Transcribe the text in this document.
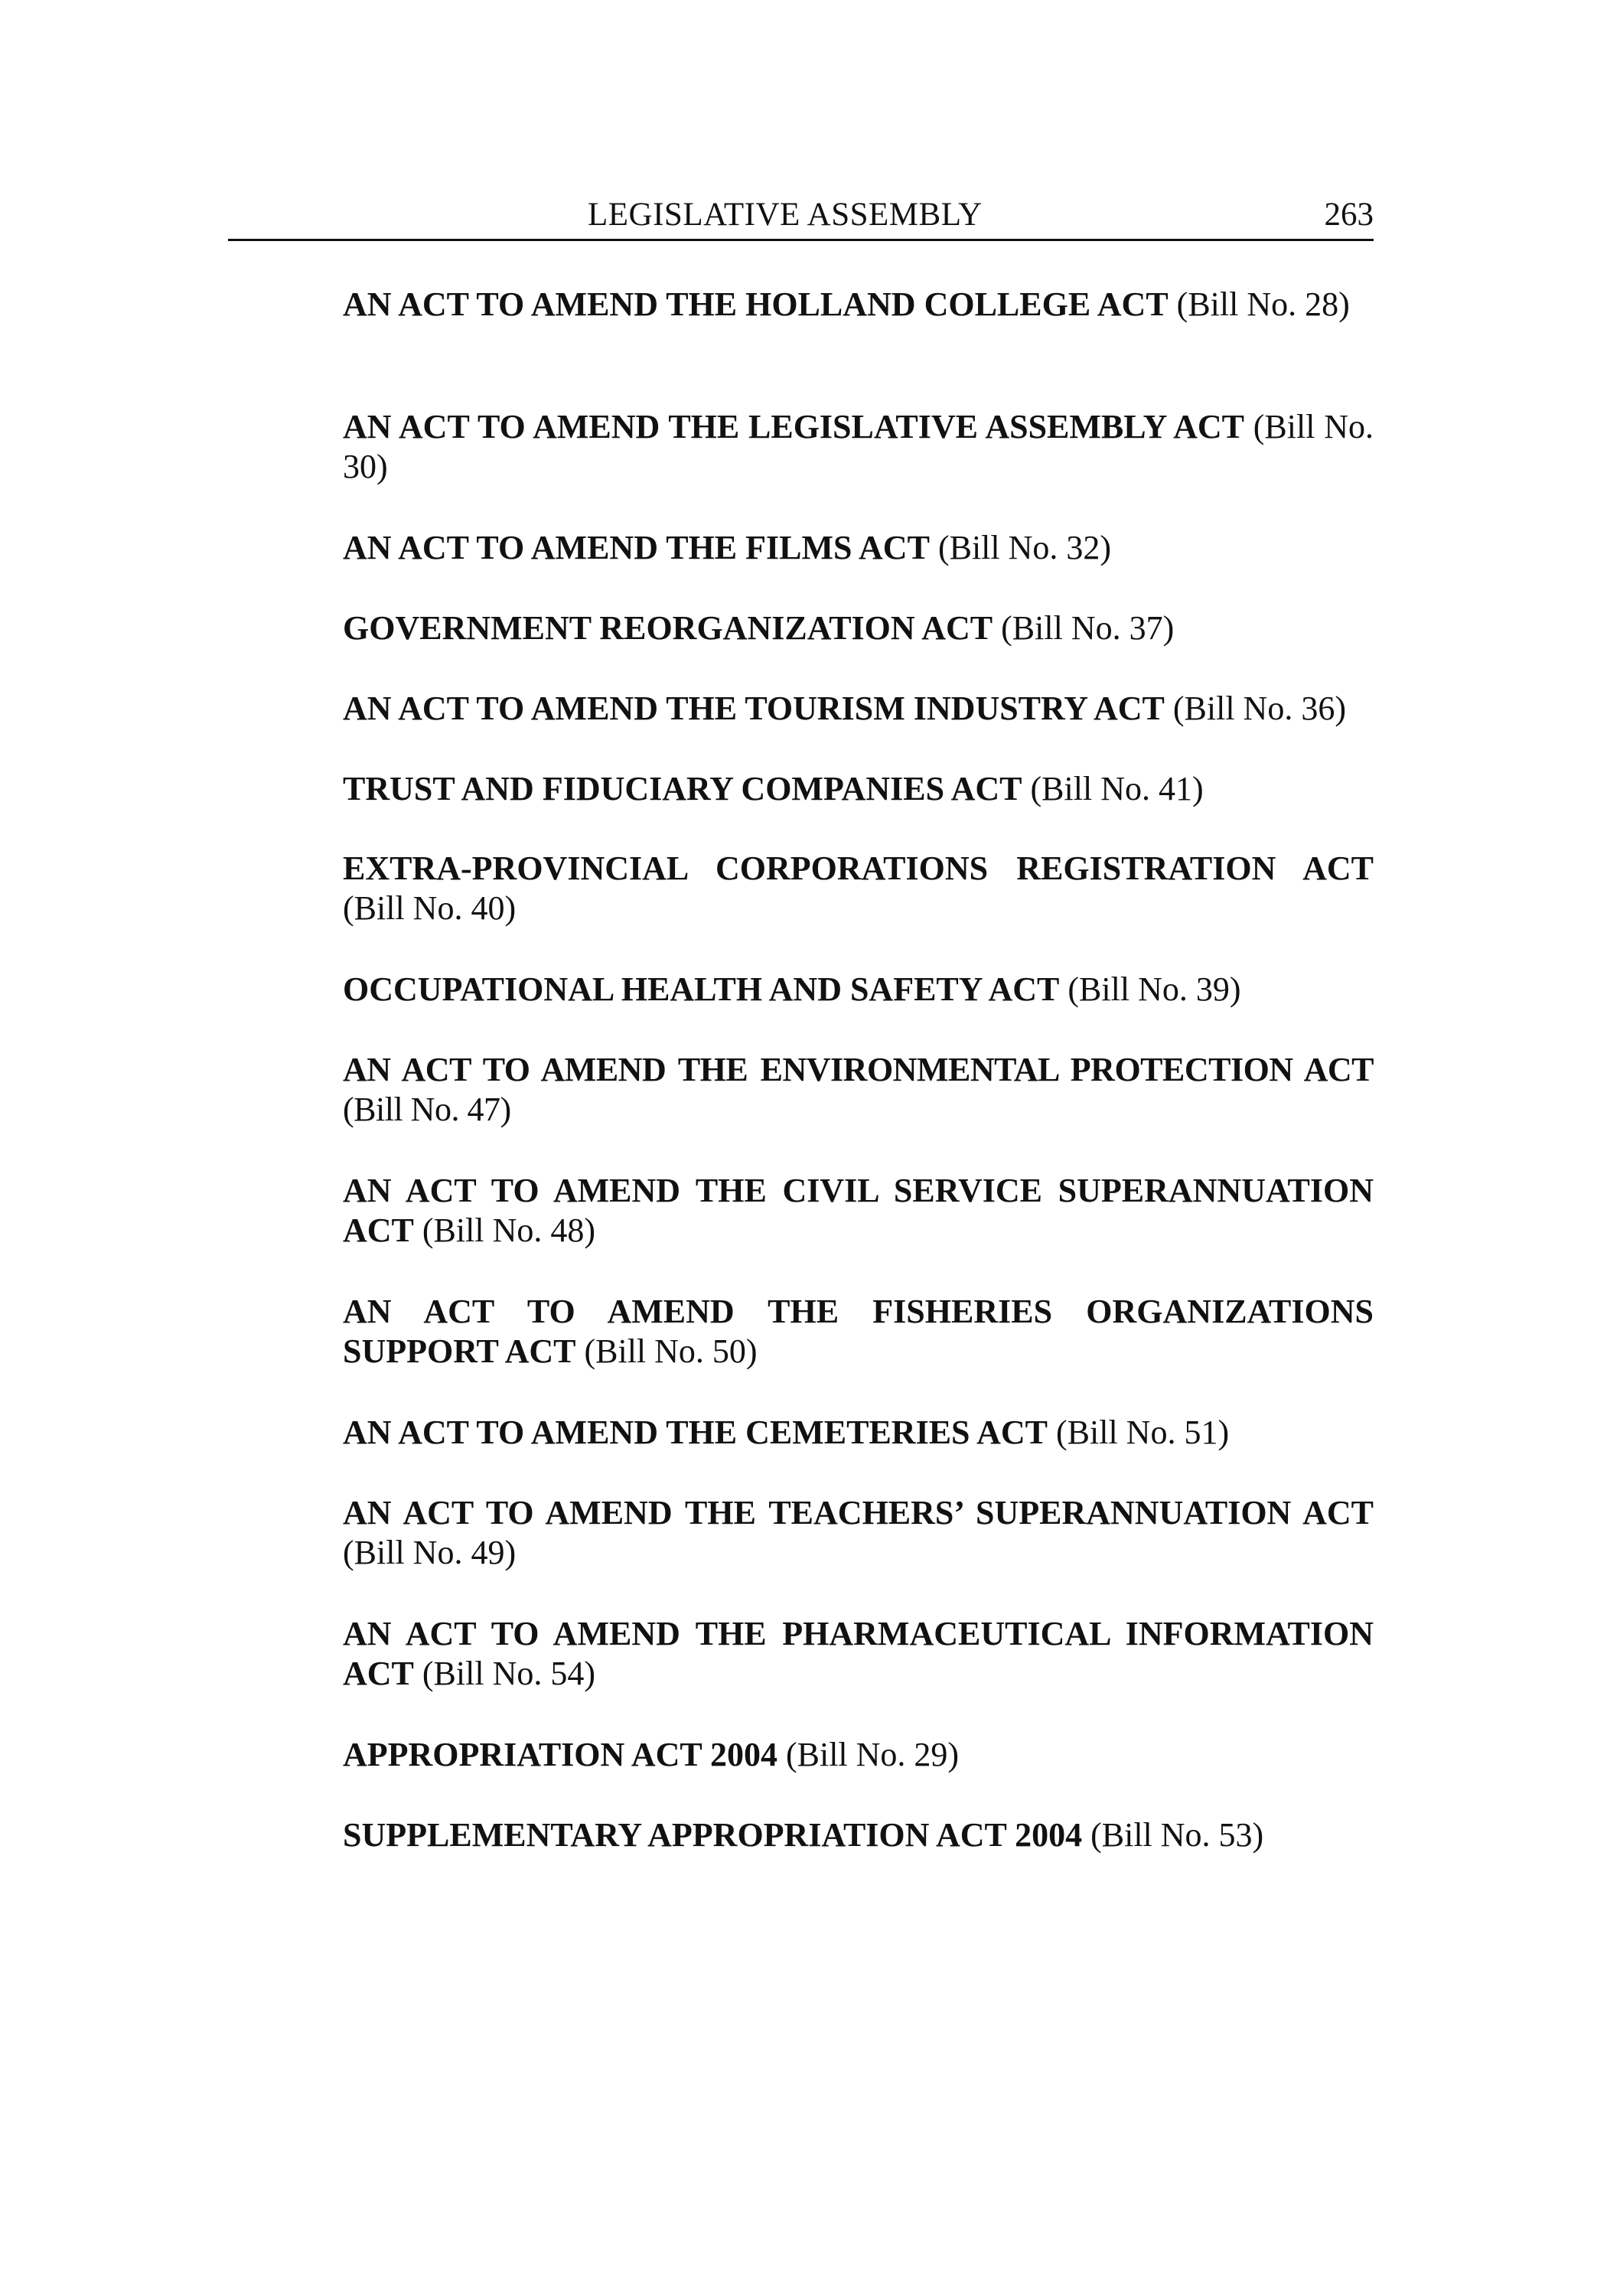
LEGISLATIVE ASSEMBLY	263
AN ACT TO AMEND THE HOLLAND COLLEGE ACT (Bill No. 28)
AN ACT TO AMEND THE LEGISLATIVE ASSEMBLY ACT (Bill No. 30)
AN ACT TO AMEND THE FILMS ACT (Bill No. 32)
GOVERNMENT REORGANIZATION ACT (Bill No. 37)
AN ACT TO AMEND THE TOURISM INDUSTRY ACT (Bill No. 36)
TRUST AND FIDUCIARY COMPANIES ACT (Bill No. 41)
EXTRA-PROVINCIAL CORPORATIONS REGISTRATION ACT (Bill No. 40)
OCCUPATIONAL HEALTH AND SAFETY ACT (Bill No. 39)
AN ACT TO AMEND THE ENVIRONMENTAL PROTECTION ACT (Bill No. 47)
AN ACT TO AMEND THE CIVIL SERVICE SUPERANNUATION ACT (Bill No. 48)
AN ACT TO AMEND THE FISHERIES ORGANIZATIONS SUPPORT ACT (Bill No. 50)
AN ACT TO AMEND THE CEMETERIES ACT (Bill No. 51)
AN ACT TO AMEND THE TEACHERS’ SUPERANNUATION ACT (Bill No. 49)
AN ACT TO AMEND THE PHARMACEUTICAL INFORMATION ACT (Bill No. 54)
APPROPRIATION ACT 2004 (Bill No. 29)
SUPPLEMENTARY APPROPRIATION ACT 2004 (Bill No. 53)
